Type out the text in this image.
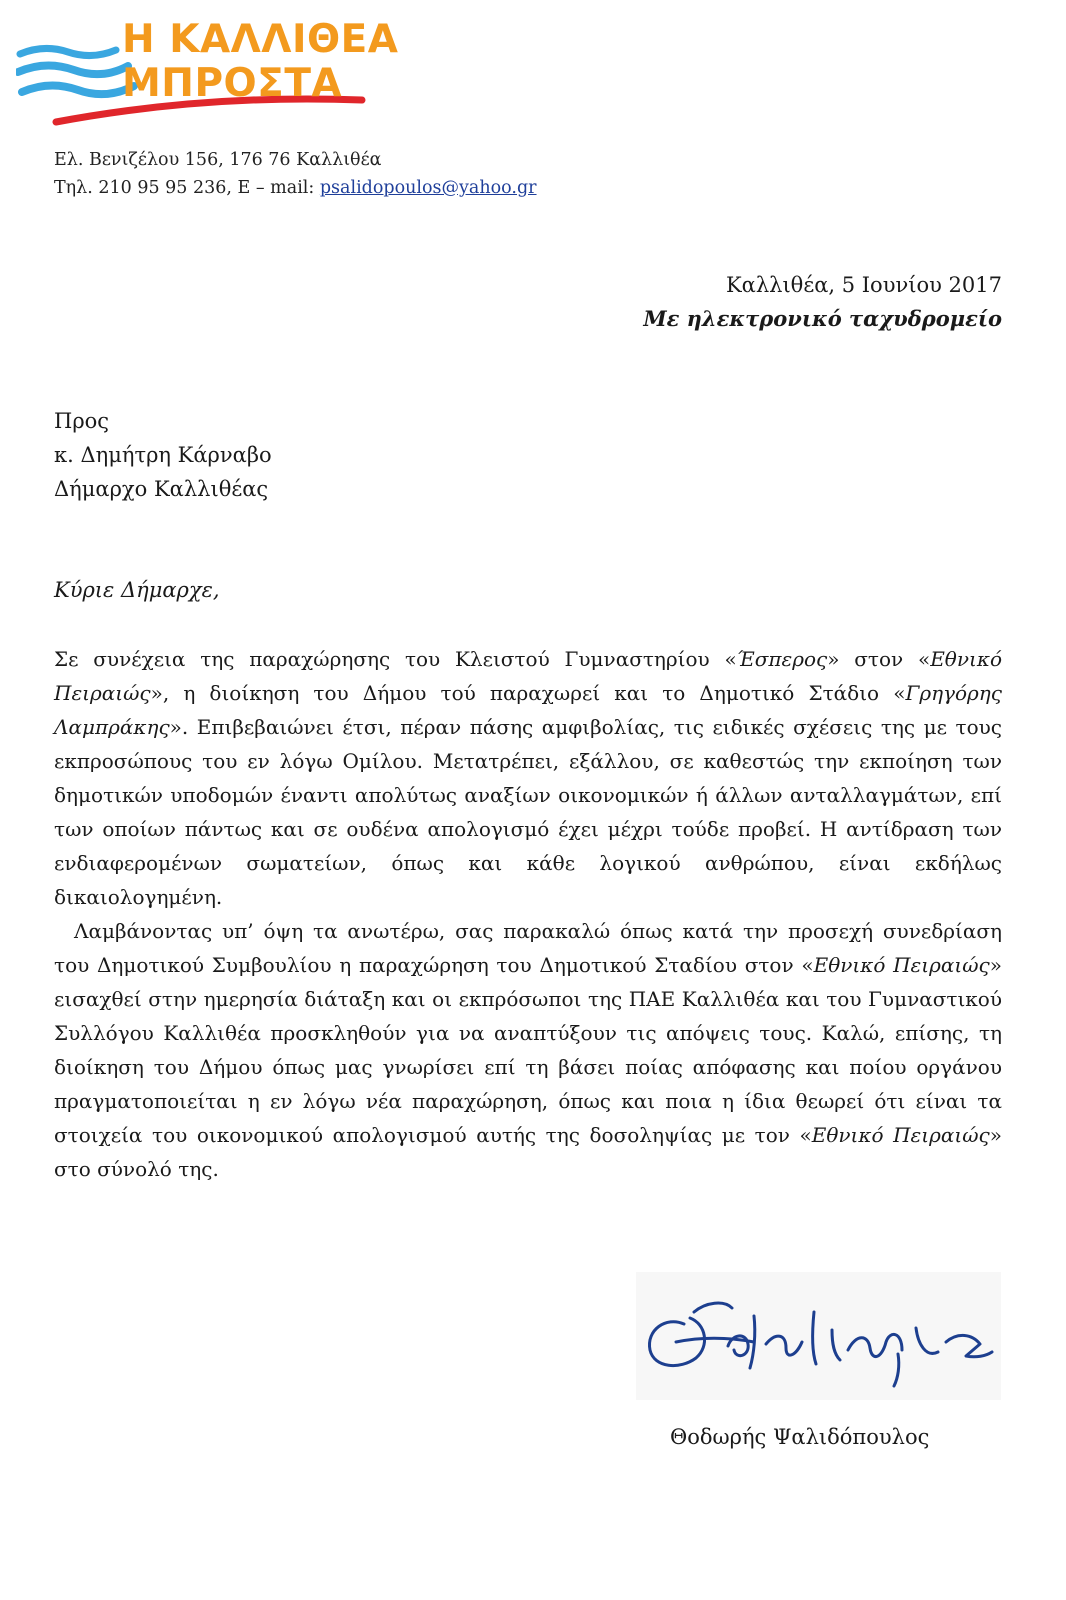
Η ΚΑΛΛΙΘΕΑ
ΜΠΡΟΣΤΑ
Ελ. Βενιζέλου 156, 176 76 Καλλιθέα
Τηλ. 210 95 95 236, E – mail: psalidopoulos@yahoo.gr
Καλλιθέα, 5 Ιουνίου 2017
Με ηλεκτρονικό ταχυδρομείο
Προς
κ. Δημήτρη Κάρναβο
Δήμαρχο Καλλιθέας
Κύριε Δήμαρχε,

Σε συνέχεια της παραχώρησης του Κλειστού Γυμναστηρίου «Έσπερος» στον «Εθνικό Πειραιώς», η διοίκηση του Δήμου τού παραχωρεί και το Δημοτικό Στάδιο «Γρηγόρης Λαμπράκης». Επιβεβαιώνει έτσι, πέραν πάσης αμφιβολίας, τις ειδικές σχέσεις της με τους εκπροσώπους του εν λόγω Ομίλου. Μετατρέπει, εξάλλου, σε καθεστώς την εκποίηση των δημοτικών υποδομών έναντι απολύτως αναξίων οικονομικών ή άλλων ανταλλαγμάτων, επί των οποίων πάντως και σε ουδένα απολογισμό έχει μέχρι τούδε προβεί. Η αντίδραση των ενδιαφερομένων σωματείων, όπως και κάθε λογικού ανθρώπου, είναι εκδήλως δικαιολογημένη.

Λαμβάνοντας υπ’ όψη τα ανωτέρω, σας παρακαλώ όπως κατά την προσεχή συνεδρίαση του Δημοτικού Συμβουλίου η παραχώρηση του Δημοτικού Σταδίου στον «Εθνικό Πειραιώς» εισαχθεί στην ημερησία διάταξη και οι εκπρόσωποι της ΠΑΕ Καλλιθέα και του Γυμναστικού Συλλόγου Καλλιθέα προσκληθούν για να αναπτύξουν τις απόψεις τους. Καλώ, επίσης, τη διοίκηση του Δήμου όπως μας γνωρίσει επί τη βάσει ποίας απόφασης και ποίου οργάνου πραγματοποιείται η εν λόγω νέα παραχώρηση, όπως και ποια η ίδια θεωρεί ότι είναι τα στοιχεία του οικονομικού απολογισμού αυτής της δοσοληψίας με τον «Εθνικό Πειραιώς» στο σύνολό της.

Θοδωρής Ψαλιδόπουλος
